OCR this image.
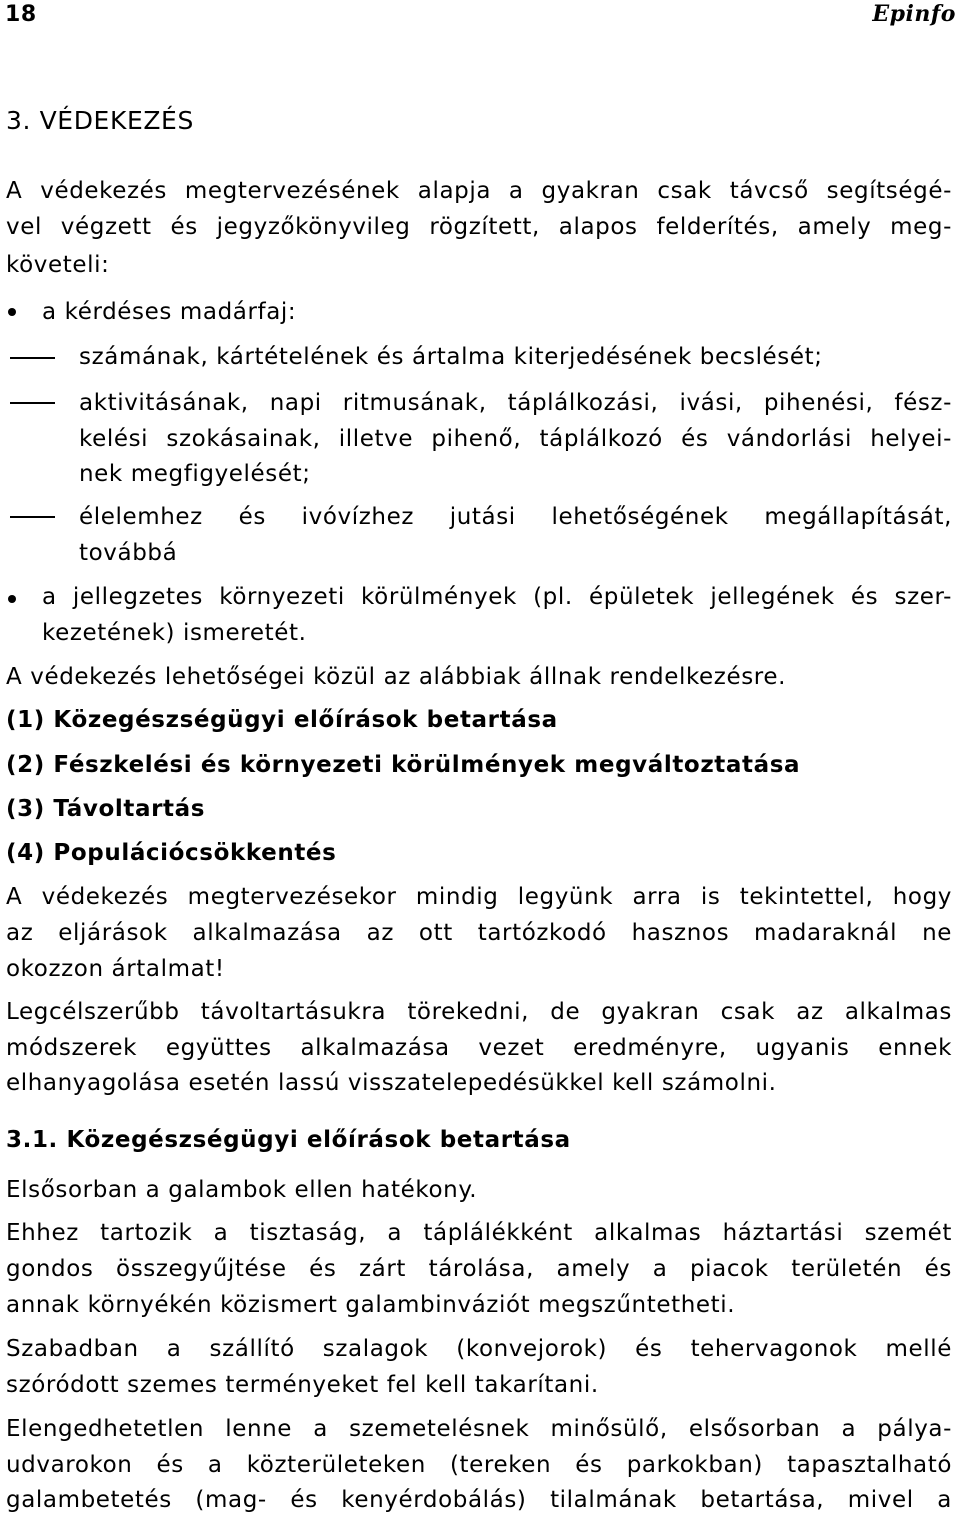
18	Epinfo
3. VÉDEKEZÉS
A védekezés megtervezésének alapja a gyakran csak távcső segítségé-
vel végzett és jegyzőkönyvileg rögzített, alapos felderítés, amely meg-
követeli:
a kérdéses madárfaj:
számának, kártételének és ártalma kiterjedésének becslését;
aktivitásának, napi ritmusának, táplálkozási, ivási, pihenési, fész-
kelési szokásainak, illetve pihenő, táplálkozó és vándorlási helyei-
nek megfigyelését;
élelemhez és ivóvízhez jutási lehetőségének megállapítását,
továbbá
a jellegzetes környezeti körülmények (pl. épületek jellegének és szer-
kezetének) ismeretét.
A védekezés lehetőségei közül az alábbiak állnak rendelkezésre.
(1) Közegészségügyi előírások betartása
(2) Fészkelési és környezeti körülmények megváltoztatása
(3) Távoltartás
(4) Populációcsökkentés
A védekezés megtervezésekor mindig legyünk arra is tekintettel, hogy
az eljárások alkalmazása az ott tartózkodó hasznos madaraknál ne
okozzon ártalmat!
Legcélszerűbb távoltartásukra törekedni, de gyakran csak az alkalmas
módszerek együttes alkalmazása vezet eredményre, ugyanis ennek
elhanyagolása esetén lassú visszatelepedésükkel kell számolni.
3.1. Közegészségügyi előírások betartása
Elsősorban a galambok ellen hatékony.
Ehhez tartozik a tisztaság, a táplálékként alkalmas háztartási szemét
gondos összegyűjtése és zárt tárolása, amely a piacok területén és
annak környékén közismert galambinváziót megszűntetheti.
Szabadban a szállító szalagok (konvejorok) és tehervagonok mellé
szóródott szemes terményeket fel kell takarítani.
Elengedhetetlen lenne a szemetelésnek minősülő, elsősorban a pálya-
udvarokon és a közterületeken (tereken és parkokban) tapasztalható
galambetetés (mag- és kenyérdobálás) tilalmának betartása, mivel a
